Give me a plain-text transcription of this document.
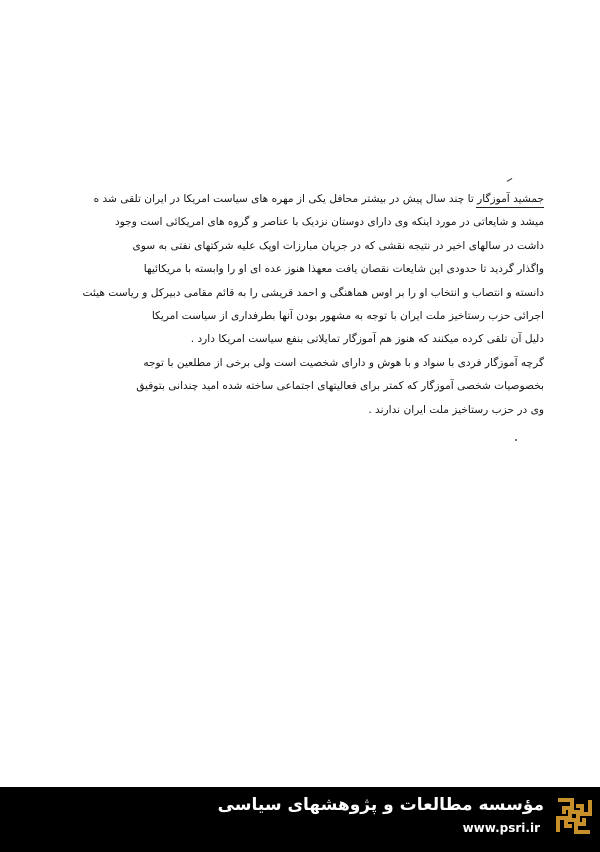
جمشید آموزگار تا چند سال پیش در بیشتر محافل یکی از مهره های سیاست امریکا در ایران تلقی شد ه
میشد و شایعاتی در مورد اینکه وی دارای دوستان نزدیک با عناصر و گروه های امریکائی است وجود
داشت در سالهای اخیر در نتیجه نقشی که در جریان مبارزات اوپک علیه شرکتهای نفتی به سوی
واگذار گردید تا حدودی این شایعات نقصان یافت معهذا هنوز عده ای او را وابسته با مریکائیها
دانسته و انتصاب و انتخاب او را بر اوس هماهنگی و احمد قریشی را به قائم مقامی دبیرکل و ریاست هیئت
اجرائی حزب رستاخیز ملت ایران با توجه به مشهور بودن آنها بطرفداری از سیاست امریکا
دلیل آن تلقی کرده میکنند که هنوز هم آموزگار تمایلاتی بنفع سیاست امریکا دارد .
گرچه آموزگار فردی با سواد و با هوش و دارای شخصیت است ولی برخی از مطلعین با توجه
بخصوصیات شخصی آموزگار که کمتر برای فعالیتهای اجتماعی ساخته شده امید چندانی بتوفیق
وی در حزب رستاخیز ملت ایران ندارند .
مؤسسه مطالعات و پژوهشهای سیاسی
www.psri.ir
